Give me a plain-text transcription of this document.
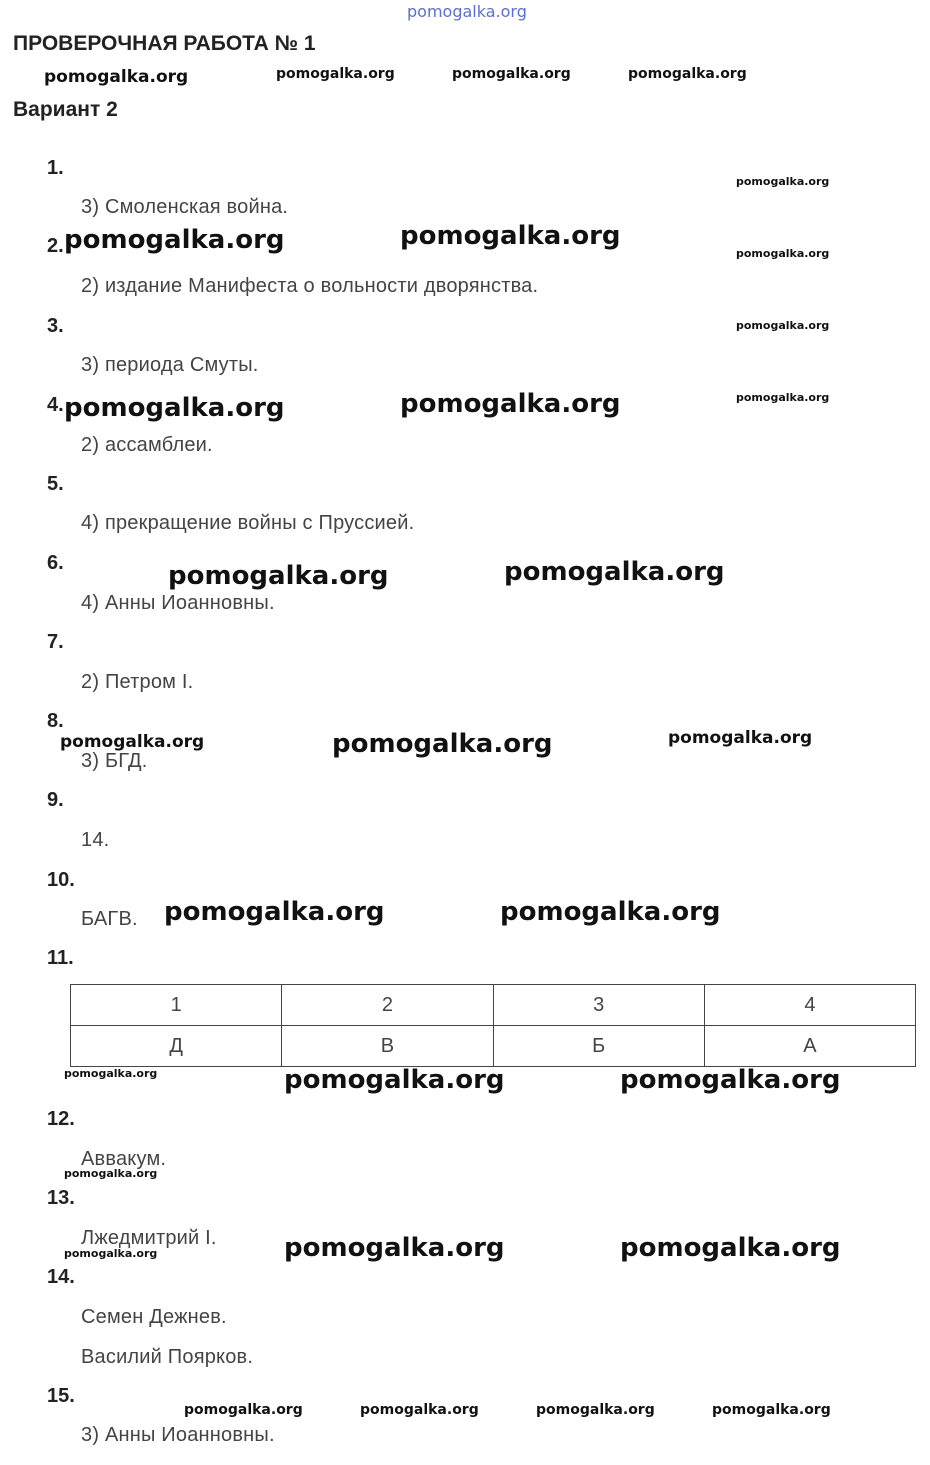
pomogalka.org
ПРОВЕРОЧНАЯ РАБОТА № 1
Вариант 2
pomogalka.org	pomogalka.org	pomogalka.org	pomogalka.org
pomogalka.org
pomogalka.org	pomogalka.org
pomogalka.org
pomogalka.org
pomogalka.org
pomogalka.org	pomogalka.org
pomogalka.org	pomogalka.org
pomogalka.org	pomogalka.org	pomogalka.org
pomogalka.org	pomogalka.org
pomogalka.org	pomogalka.org	pomogalka.org
pomogalka.org
pomogalka.org	pomogalka.org	pomogalka.org
pomogalka.org	pomogalka.org	pomogalka.org	pomogalka.org
1.
3) Смоленская война.
2.
2) издание Манифеста о вольности дворянства.
3.
3) периода Смуты.
4.
2) ассамблеи.
5.
4) прекращение войны с Пруссией.
6.
4) Анны Иоанновны.
7.
2) Петром I.
8.
3) БГД.
9.
14.
10.
БАГВ.
11.
1	2	3	4
Д	В	Б	А
12.
Аввакум.
13.
Лжедмитрий I.
14.
Семен Дежнев.
Василий Поярков.
15.
3) Анны Иоанновны.
